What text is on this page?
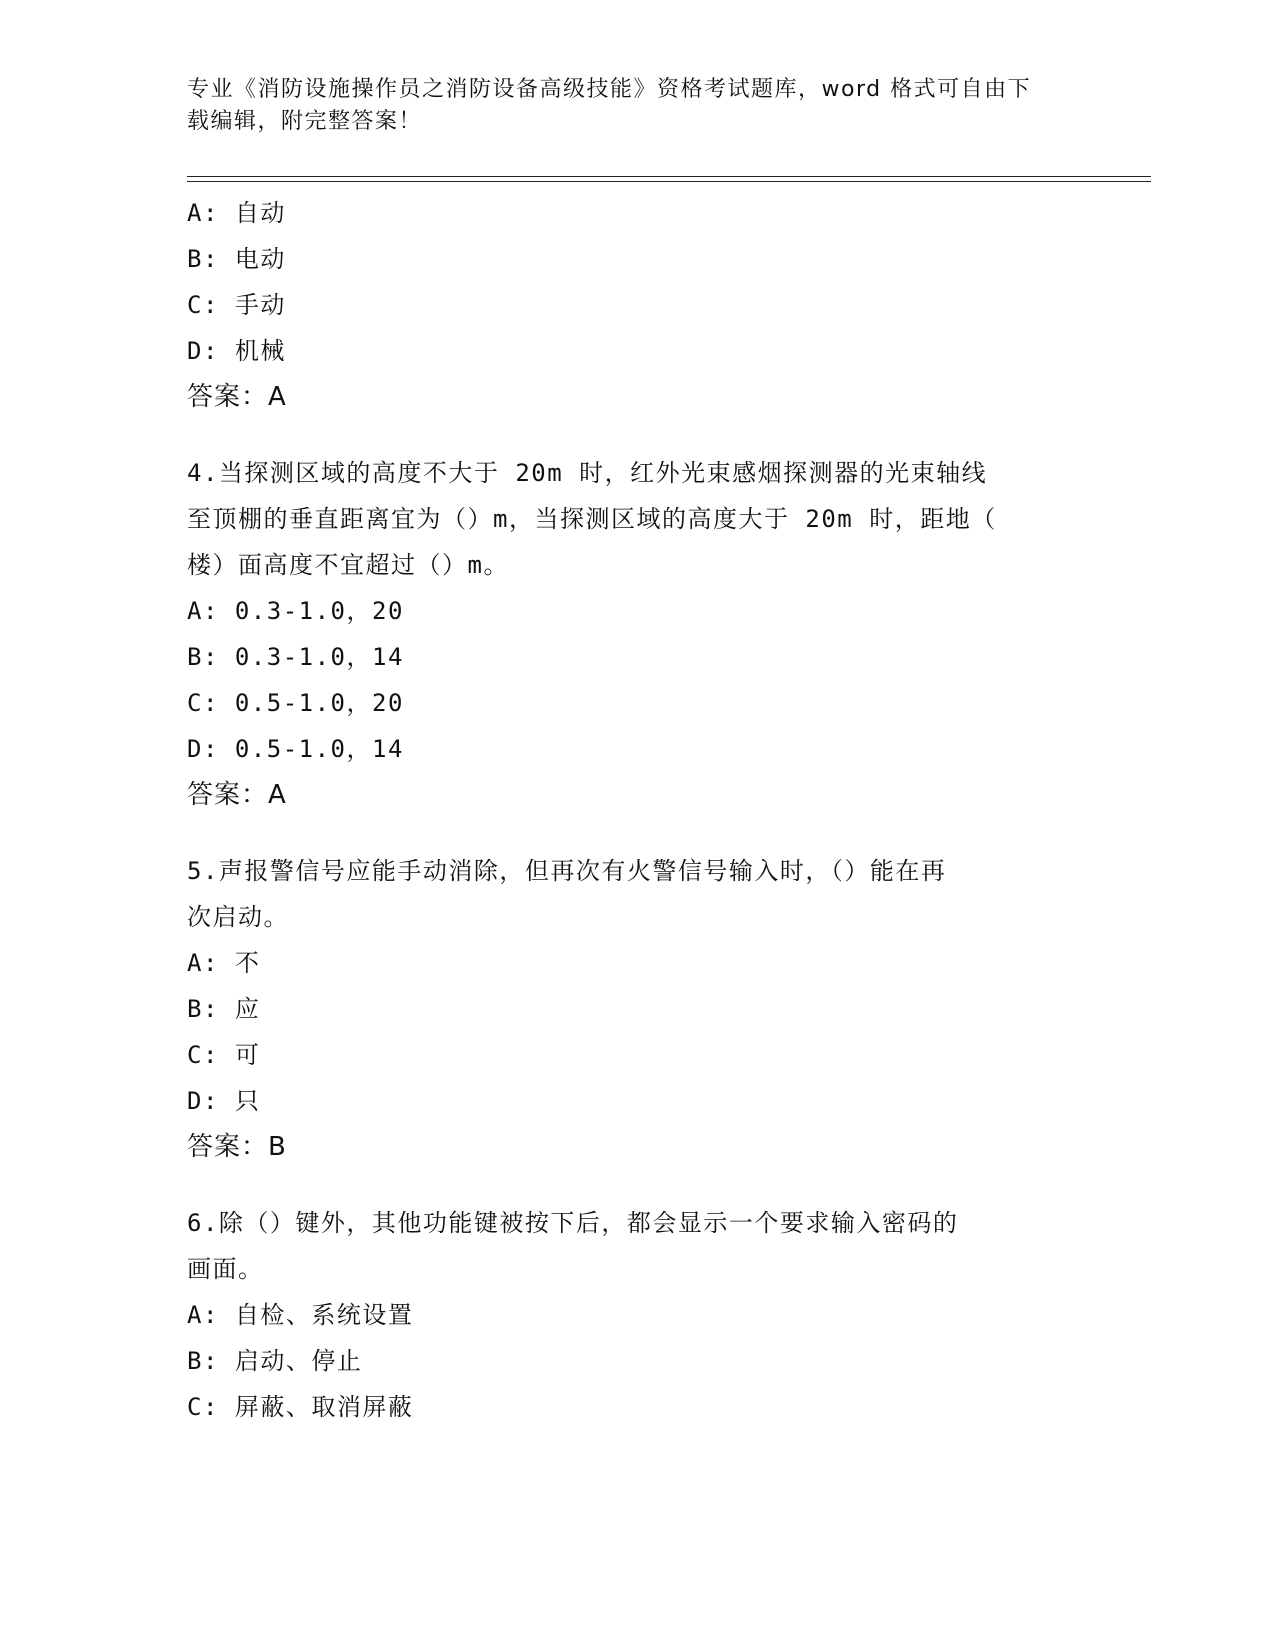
专业《消防设施操作员之消防设备高级技能》资格考试题库，word 格式可自由下
载编辑，附完整答案！
A: 自动
B: 电动
C: 手动
D: 机械
答案：A
4.当探测区域的高度不大于 20m 时，红外光束感烟探测器的光束轴线
至顶棚的垂直距离宜为（）m，当探测区域的高度大于 20m 时，距地（
楼）面高度不宜超过（）m。
A: 0.3-1.0，20
B: 0.3-1.0，14
C: 0.5-1.0，20
D: 0.5-1.0，14
答案：A
5.声报警信号应能手动消除，但再次有火警信号输入时，（）能在再
次启动。
A: 不
B: 应
C: 可
D: 只
答案：B
6.除（）键外，其他功能键被按下后，都会显示一个要求输入密码的
画面。
A: 自检、系统设置
B: 启动、停止
C: 屏蔽、取消屏蔽
